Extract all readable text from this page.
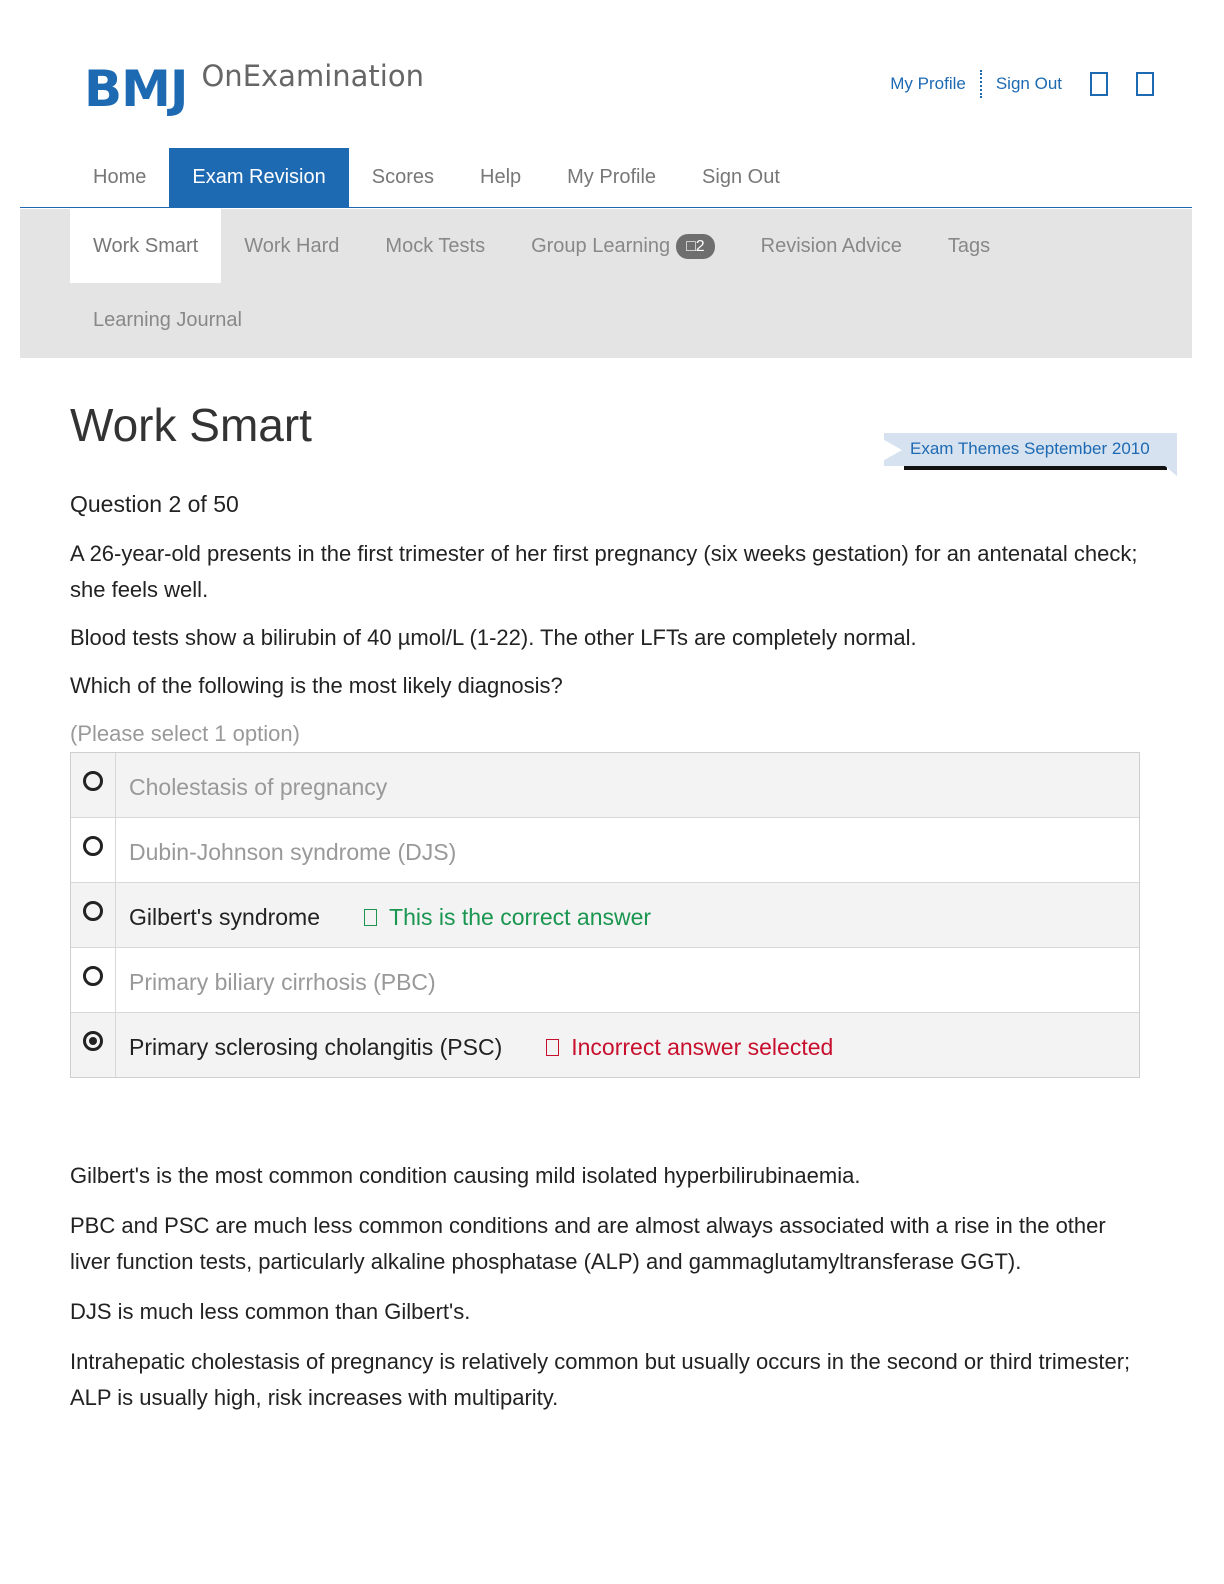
BMJ OnExamination	My Profile Sign Out
Home	Exam Revision	Scores	Help	My Profile	Sign Out
Work Smart Work Hard Mock Tests Group Learning	□2	Revision Advice Tags
Learning Journal
Work Smart	Exam Themes September 2010

Question 2 of 50

A 26-year-old presents in the first trimester of her first pregnancy (six weeks gestation) for an antenatal check; she feels well.

Blood tests show a bilirubin of 40 µmol/L (1-22). The other LFTs are completely normal.

Which of the following is the most likely diagnosis?

(Please select 1 option)

Cholestasis of pregnancy
Dubin-Johnson syndrome (DJS)
Gilbert's syndrome	This is the correct answer
Primary biliary cirrhosis (PBC)
Primary sclerosing cholangitis (PSC)	Incorrect answer selected

Gilbert's is the most common condition causing mild isolated hyperbilirubinaemia.

PBC and PSC are much less common conditions and are almost always associated with a rise in the other liver function tests, particularly alkaline phosphatase (ALP) and gammaglutamyltransferase GGT).

DJS is much less common than Gilbert's.

Intrahepatic cholestasis of pregnancy is relatively common but usually occurs in the second or third trimester; ALP is usually high, risk increases with multiparity.
